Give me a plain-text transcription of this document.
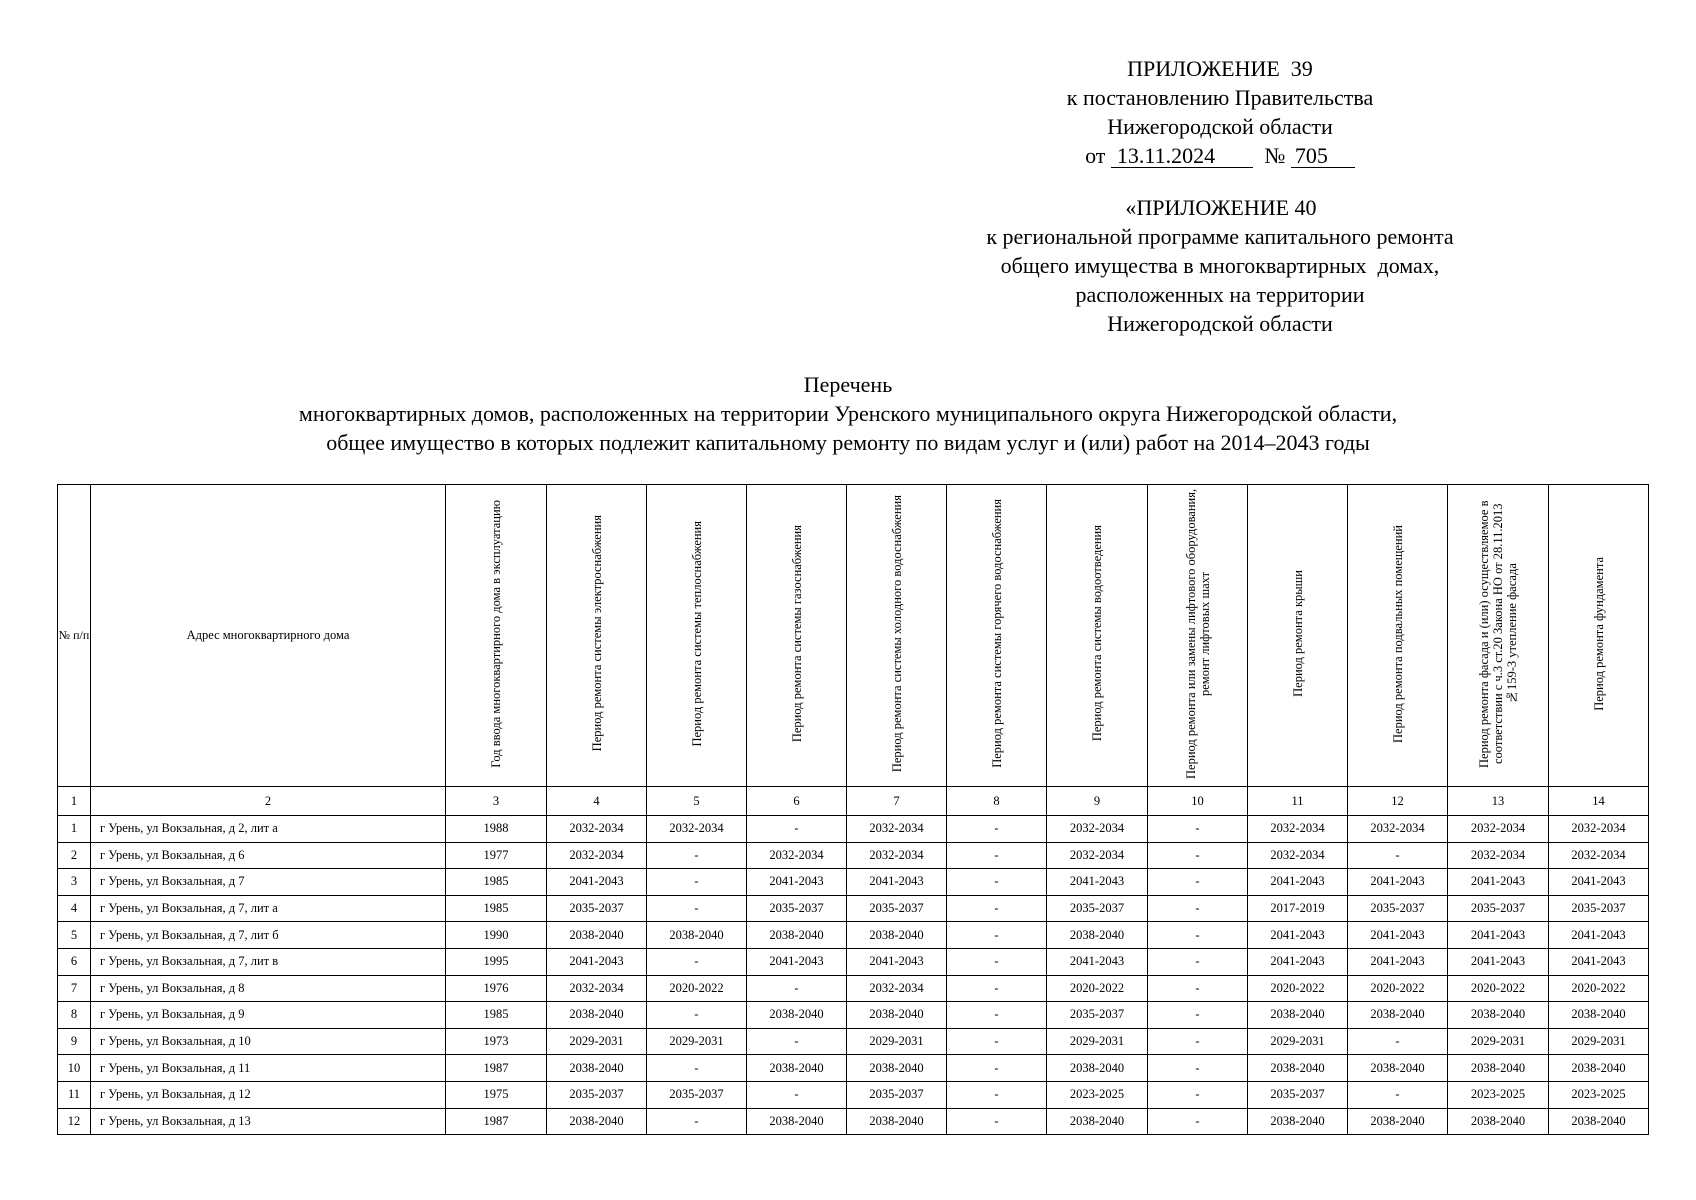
ПРИЛОЖЕНИЕ  39
к постановлению Правительства
Нижегородской области
от 13.11.2024 № 705
«ПРИЛОЖЕНИЕ 40
к региональной программе капитального ремонта
общего имущества в многоквартирных  домах,
расположенных на территории
Нижегородской области
Перечень
многоквартирных домов, расположенных на территории Уренского муниципального округа Нижегородской области,
общее имущество в которых подлежит капитальному ремонту по видам услуг и (или) работ на 2014–2043 годы
№ п/п	Адрес многоквартирного дома	Год ввода многоквартирного дома в эксплуатацию	Период ремонта системы электроснабжения	Период ремонта системы теплоснабжения	Период ремонта системы газоснабжения	Период ремонта системы холодного водоснабжения	Период ремонта системы горячего водоснабжения	Период ремонта системы водоотведения	Период ремонта или замены лифтового оборудования, ремонт лифтовых шахт	Период ремонта крыши	Период ремонта подвальных помещений	Период ремонта фасада и (или) осуществляемое в соответствии с ч.3 ст.20 Закона НО от 28.11.2013 №159-З утепление фасада	Период ремонта фундамента
1	2	3	4	5	6	7	8	9	10	11	12	13	14
1	г Урень, ул Вокзальная, д 2, лит а	1988	2032-2034	2032-2034	-	2032-2034	-	2032-2034	-	2032-2034	2032-2034	2032-2034	2032-2034
2	г Урень, ул Вокзальная, д 6	1977	2032-2034	-	2032-2034	2032-2034	-	2032-2034	-	2032-2034	-	2032-2034	2032-2034
3	г Урень, ул Вокзальная, д 7	1985	2041-2043	-	2041-2043	2041-2043	-	2041-2043	-	2041-2043	2041-2043	2041-2043	2041-2043
4	г Урень, ул Вокзальная, д 7, лит а	1985	2035-2037	-	2035-2037	2035-2037	-	2035-2037	-	2017-2019	2035-2037	2035-2037	2035-2037
5	г Урень, ул Вокзальная, д 7, лит б	1990	2038-2040	2038-2040	2038-2040	2038-2040	-	2038-2040	-	2041-2043	2041-2043	2041-2043	2041-2043
6	г Урень, ул Вокзальная, д 7, лит в	1995	2041-2043	-	2041-2043	2041-2043	-	2041-2043	-	2041-2043	2041-2043	2041-2043	2041-2043
7	г Урень, ул Вокзальная, д 8	1976	2032-2034	2020-2022	-	2032-2034	-	2020-2022	-	2020-2022	2020-2022	2020-2022	2020-2022
8	г Урень, ул Вокзальная, д 9	1985	2038-2040	-	2038-2040	2038-2040	-	2035-2037	-	2038-2040	2038-2040	2038-2040	2038-2040
9	г Урень, ул Вокзальная, д 10	1973	2029-2031	2029-2031	-	2029-2031	-	2029-2031	-	2029-2031	-	2029-2031	2029-2031
10	г Урень, ул Вокзальная, д 11	1987	2038-2040	-	2038-2040	2038-2040	-	2038-2040	-	2038-2040	2038-2040	2038-2040	2038-2040
11	г Урень, ул Вокзальная, д 12	1975	2035-2037	2035-2037	-	2035-2037	-	2023-2025	-	2035-2037	-	2023-2025	2023-2025
12	г Урень, ул Вокзальная, д 13	1987	2038-2040	-	2038-2040	2038-2040	-	2038-2040	-	2038-2040	2038-2040	2038-2040	2038-2040
